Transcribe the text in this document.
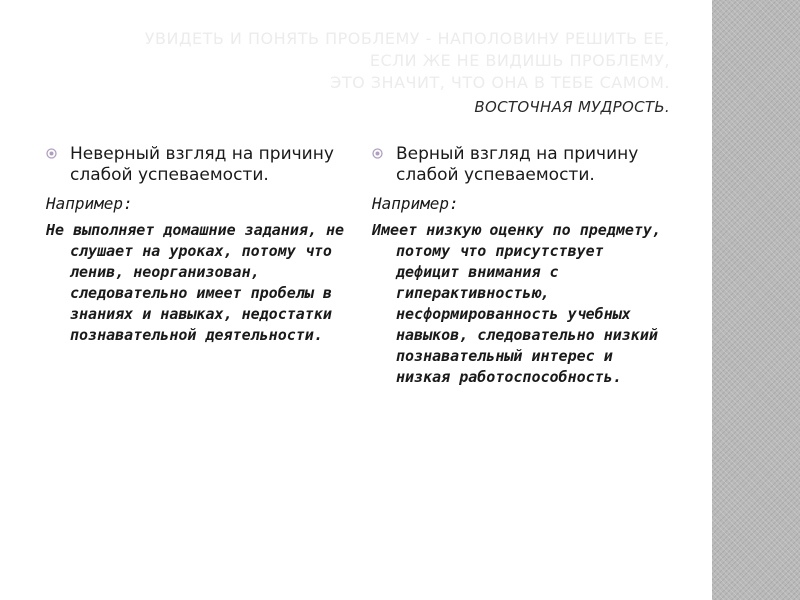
УВИДЕТЬ И ПОНЯТЬ ПРОБЛЕМУ - НАПОЛОВИНУ РЕШИТЬ ЕЕ,
ЕСЛИ ЖЕ НЕ ВИДИШЬ ПРОБЛЕМУ,
ЭТО ЗНАЧИТ, ЧТО ОНА В ТЕБЕ САМОМ.
ВОСТОЧНАЯ МУДРОСТЬ.
Неверный взгляд на причину слабой успеваемости.
Например:
Не выполняет домашние задания, не слушает на уроках, потому что ленив, неорганизован, следовательно имеет пробелы в знаниях и навыках, недостатки познавательной деятельности.
Верный взгляд на причину слабой успеваемости.
Например:
Имеет низкую оценку по предмету, потому что присутствует дефицит внимания с гиперактивностью, несформированность учебных навыков, следовательно низкий познавательный интерес и низкая работоспособность.
